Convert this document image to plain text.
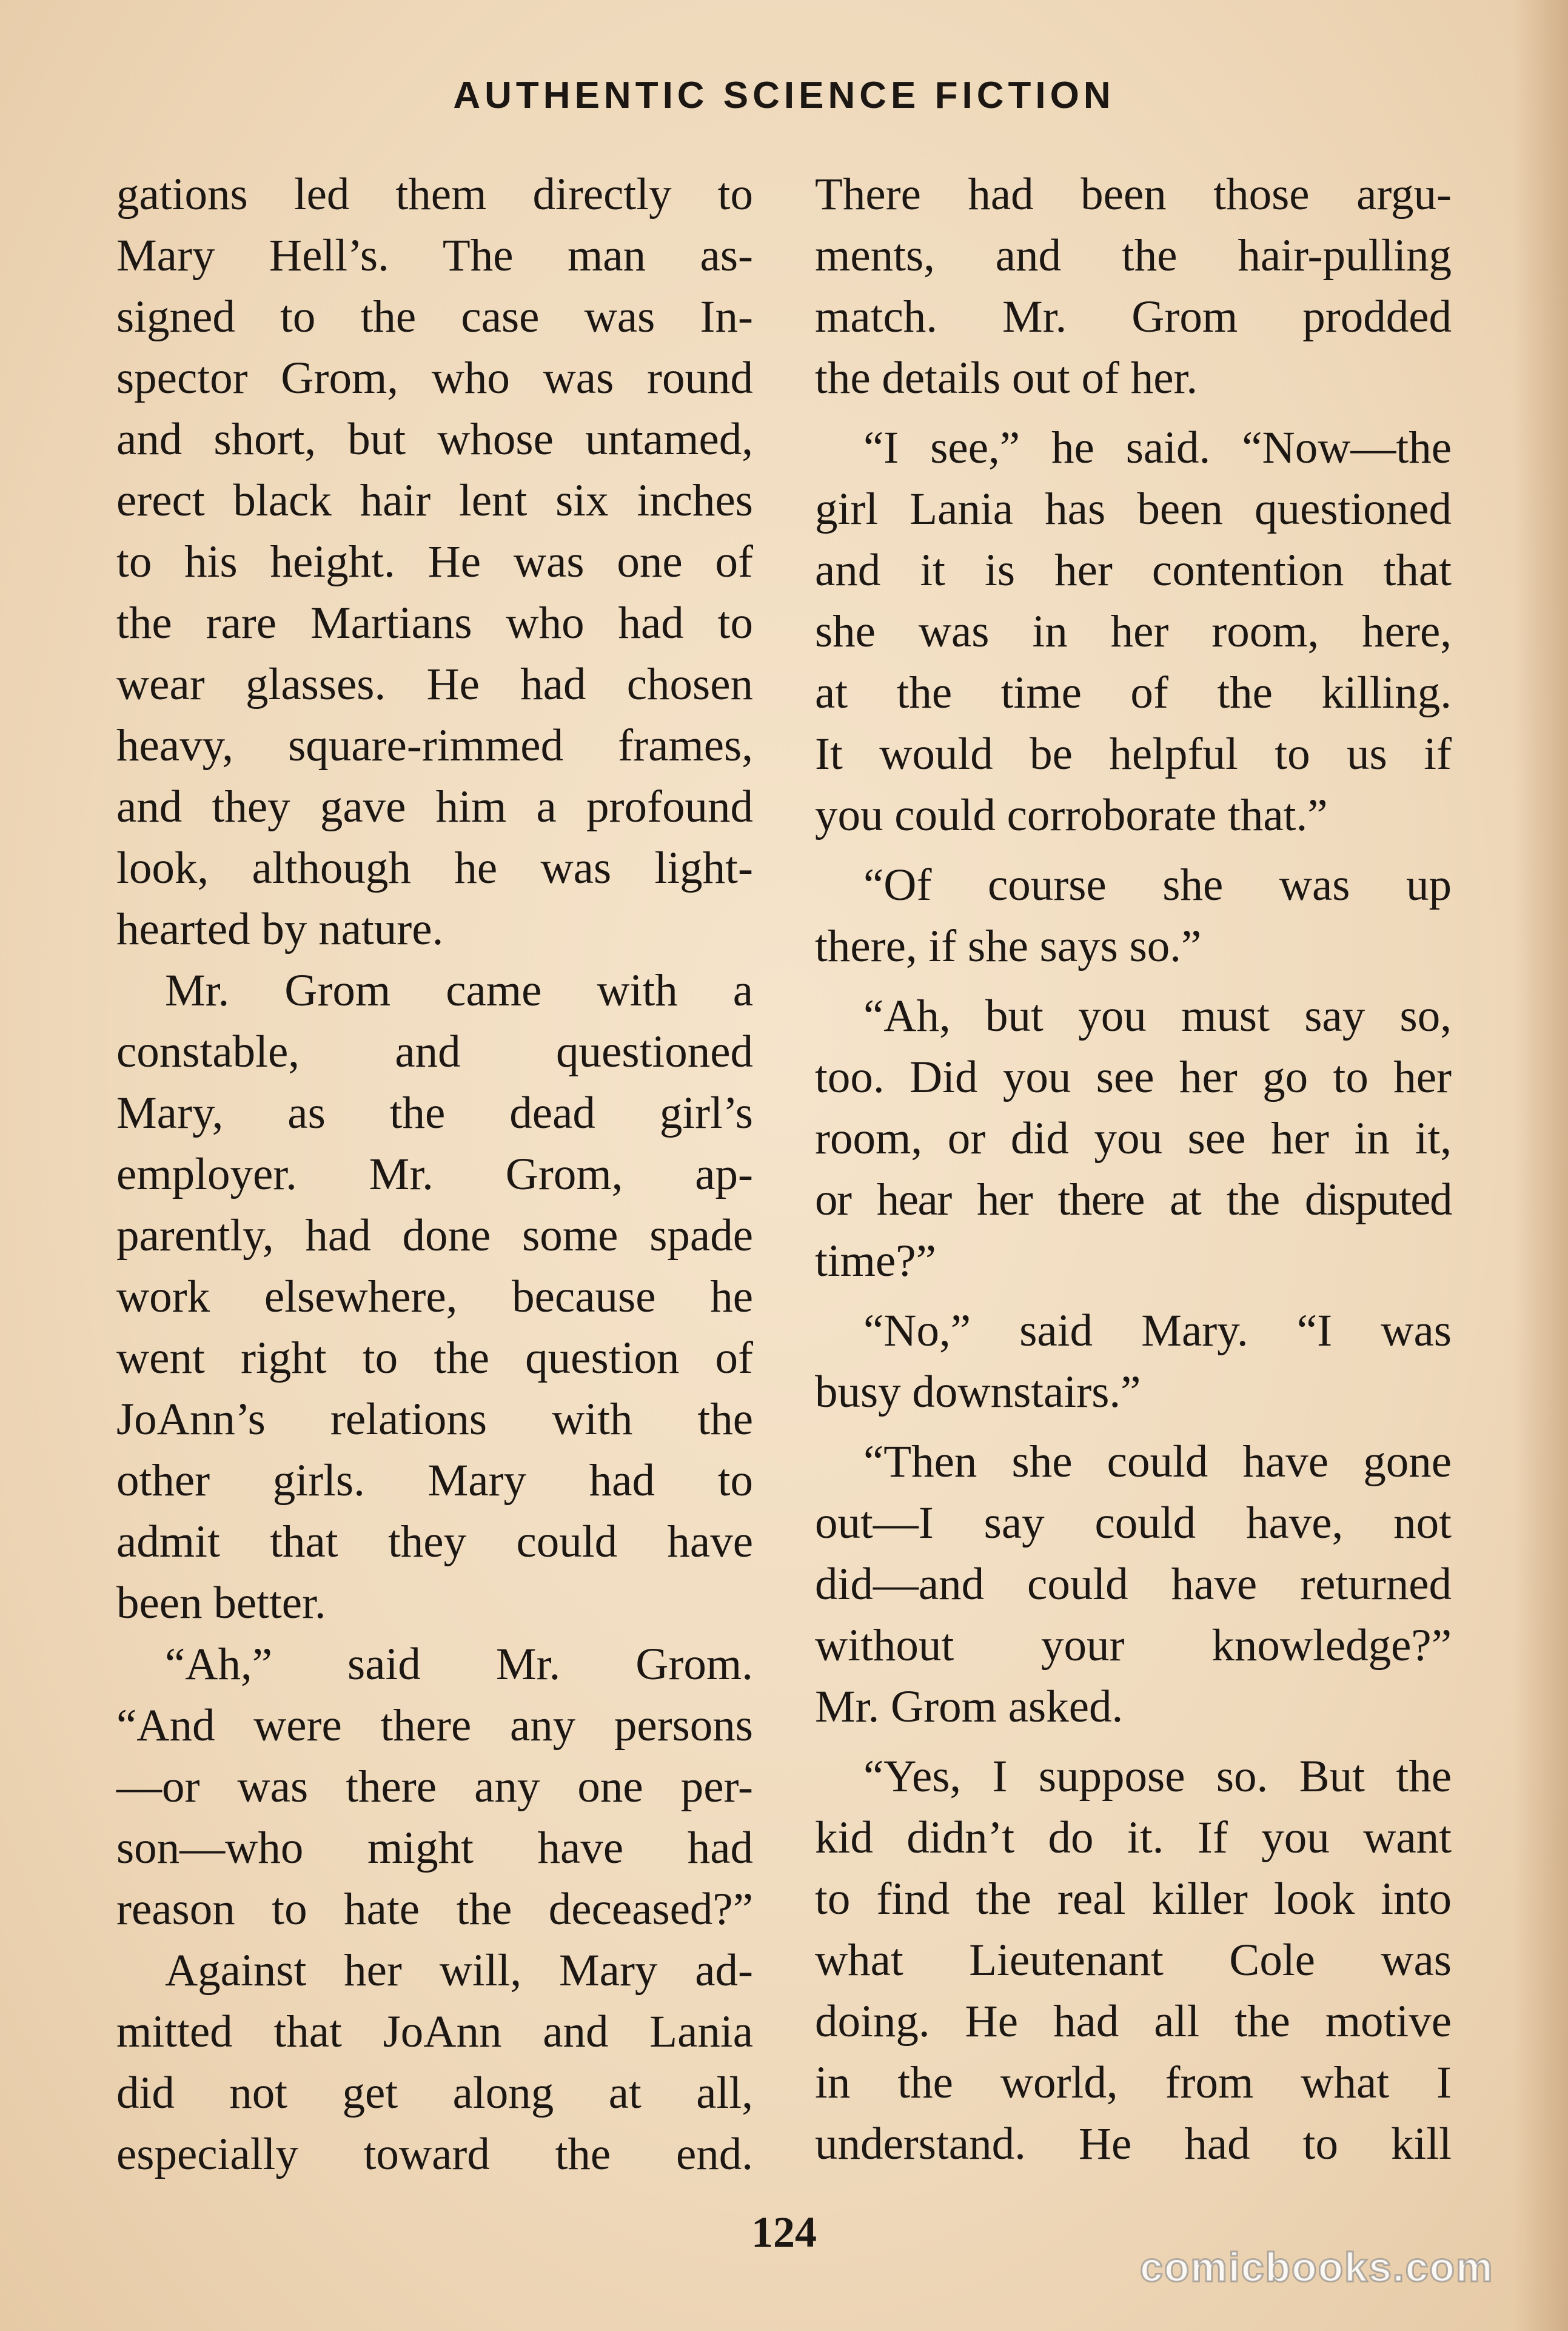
AUTHENTIC SCIENCE FICTION
gations led them directly to
Mary Hell’s. The man as-
signed to the case was In-
spector Grom, who was round
and short, but whose untamed,
erect black hair lent six inches
to his height. He was one of
the rare Martians who had to
wear glasses. He had chosen
heavy, square-rimmed frames,
and they gave him a profound
look, although he was light-
hearted by nature.
Mr. Grom came with a
constable, and questioned
Mary, as the dead girl’s
employer. Mr. Grom, ap-
parently, had done some spade
work elsewhere, because he
went right to the question of
JoAnn’s relations with the
other girls. Mary had to
admit that they could have
been better.
“Ah,” said Mr. Grom.
“And were there any persons
—or was there any one per-
son—who might have had
reason to hate the deceased?”
Against her will, Mary ad-
mitted that JoAnn and Lania
did not get along at all,
especially toward the end.
There had been those argu-
ments, and the hair-pulling
match. Mr. Grom prodded
the details out of her.
“I see,” he said. “Now—the
girl Lania has been questioned
and it is her contention that
she was in her room, here,
at the time of the killing.
It would be helpful to us if
you could corroborate that.”
“Of course she was up
there, if she says so.”
“Ah, but you must say so,
too. Did you see her go to her
room, or did you see her in it,
or hear her there at the disputed
time?”
“No,” said Mary. “I was
busy downstairs.”
“Then she could have gone
out—I say could have, not
did—and could have returned
without your knowledge?”
Mr. Grom asked.
“Yes, I suppose so. But the
kid didn’t do it. If you want
to find the real killer look into
what Lieutenant Cole was
doing. He had all the motive
in the world, from what I
understand. He had to kill
124
comicbooks.com
